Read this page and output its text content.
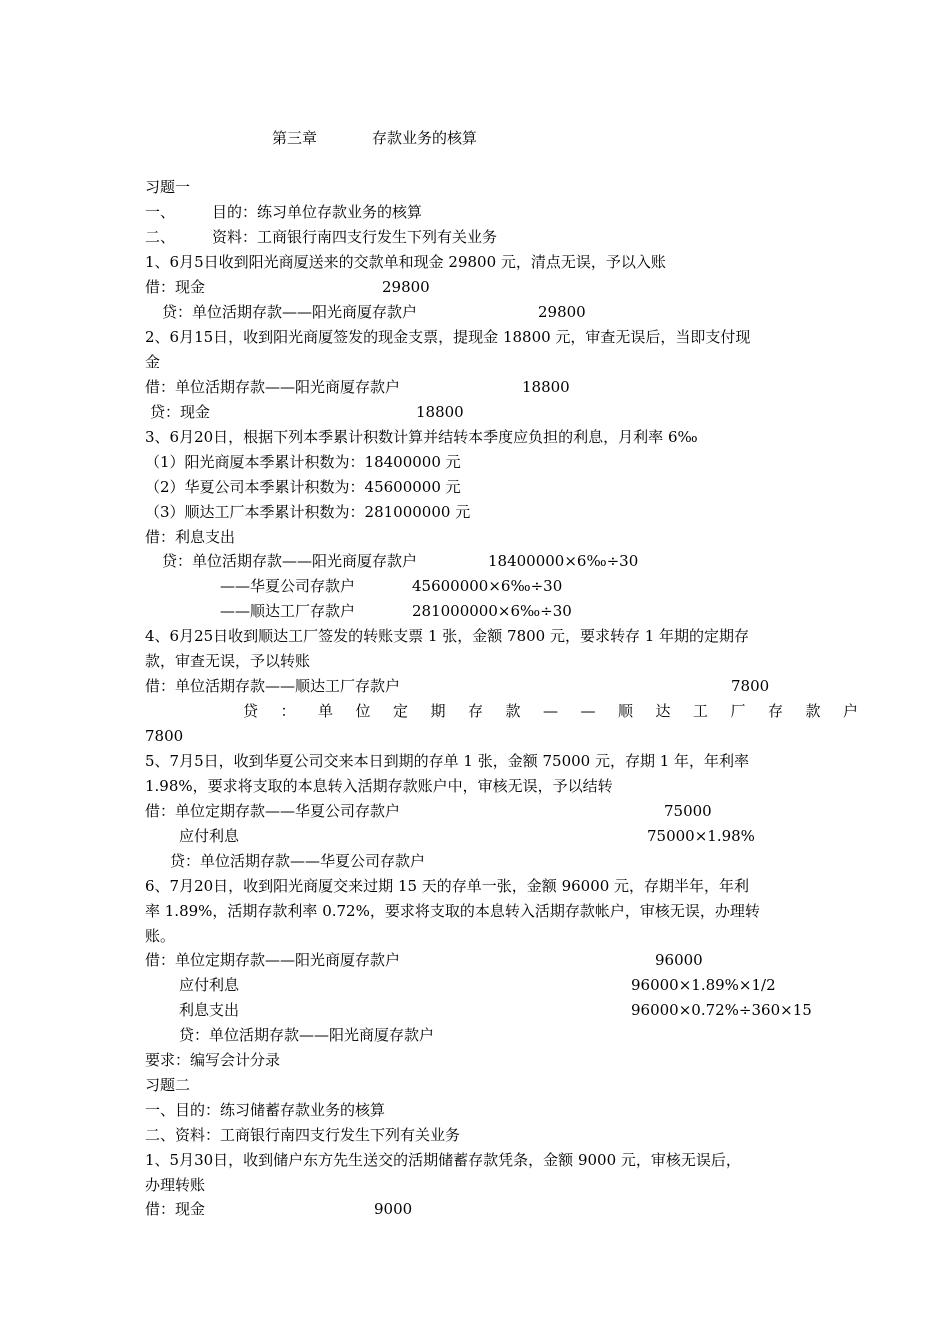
第三章	存款业务的核算
习题一
一、 目的：练习单位存款业务的核算
二、 资料：工商银行南四支行发生下列有关业务
1、6月5日收到阳光商厦送来的交款单和现金 29800 元，清点无误，予以入账
借：现金	29800
贷：单位活期存款——阳光商厦存款户	29800
2、6月15日，收到阳光商厦签发的现金支票，提现金 18800 元，审查无误后，当即支付现
金
借：单位活期存款——阳光商厦存款户	18800
贷：现金	18800
3、6月20日，根据下列本季累计积数计算并结转本季度应负担的利息，月利率 6‰
（1）阳光商厦本季累计积数为：18400000 元
（2）华夏公司本季累计积数为：45600000 元
（3）顺达工厂本季累计积数为：281000000 元
借：利息支出
贷：单位活期存款——阳光商厦存款户	18400000×6‰÷30
——华夏公司存款户	45600000×6‰÷30
——顺达工厂存款户	281000000×6‰÷30
4、6月25日收到顺达工厂签发的转账支票 1 张，金额 7800 元，要求转存 1 年期的定期存
款，审查无误，予以转账
借：单位活期存款——顺达工厂存款户	7800
贷：单位定期存款——顺达工厂存款户
7800
5、7月5日，收到华夏公司交来本日到期的存单 1 张，金额 75000 元，存期 1 年，年利率
1.98%，要求将支取的本息转入活期存款账户中，审核无误，予以结转
借：单位定期存款——华夏公司存款户	75000
应付利息	75000×1.98%
贷：单位活期存款——华夏公司存款户
6、7月20日，收到阳光商厦交来过期 15 天的存单一张，金额 96000 元，存期半年，年利
率 1.89%，活期存款利率 0.72%，要求将支取的本息转入活期存款帐户，审核无误，办理转
账。
借：单位定期存款——阳光商厦存款户	96000
应付利息	96000×1.89%×1/2
利息支出	96000×0.72%÷360×15
贷：单位活期存款——阳光商厦存款户
要求：编写会计分录
习题二
一、目的：练习储蓄存款业务的核算
二、资料：工商银行南四支行发生下列有关业务
1、5月30日，收到储户东方先生送交的活期储蓄存款凭条，金额 9000 元，审核无误后，
办理转账
借：现金	9000
